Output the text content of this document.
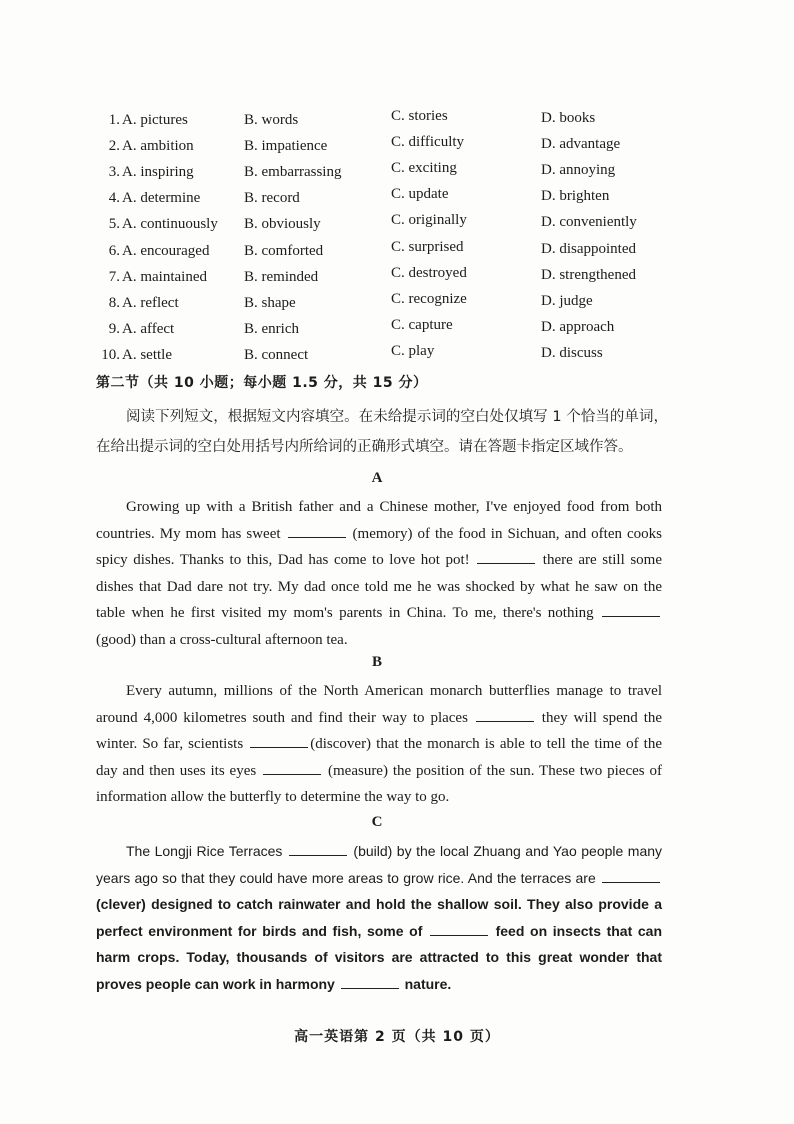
1. A. pictures	B. words	C. stories	D. books
2. A. ambition	B. impatience	C. difficulty	D. advantage
3. A. inspiring	B. embarrassing	C. exciting	D. annoying
4. A. determine	B. record	C. update	D. brighten
5. A. continuously B. obviously	C. originally	D. conveniently
6. A. encouraged B. comforted	C. surprised	D. disappointed
7. A. maintained B. reminded	C. destroyed	D. strengthened
8. A. reflect	B. shape	C. recognize	D. judge
9. A. affect	B. enrich	C. capture	D. approach
10. A. settle	B. connect	C. play	D. discuss
第二节（共 10 小题；每小题 1.5 分，共 15 分）
阅读下列短文，根据短文内容填空。在未给提示词的空白处仅填写 1 个恰当的单词，在给出提示词的空白处用括号内所给词的正确形式填空。请在答题卡指定区域作答。
A

Growing up with a British father and a Chinese mother, I've enjoyed food from both countries. My mom has sweet	(memory) of the food in Sichuan, and often cooks spicy dishes. Thanks to this, Dad has come to love hot pot!	there are still some dishes that Dad dare not try. My dad once told me he was shocked by what he saw on the table when he first visited my mom's parents in China. To me, there's nothing  (good) than a cross-cultural afternoon tea.

B

Every autumn, millions of the North American monarch butterflies manage to travel around 4,000 kilometres south and find their way to places	they will spend the winter. So far, scientists	(discover) that the monarch is able to tell the time of the day and then uses its eyes	(measure) the position of the sun. These two pieces of information allow the butterfly to determine the way to go.

C

The Longji Rice Terraces	(build) by the local Zhuang and Yao people many years ago so that they could have more areas to grow rice. And the terraces are  (clever) designed to catch rainwater and hold the shallow soil. They also provide a perfect environment for birds and fish, some of	feed on insects that can harm crops. Today, thousands of visitors are attracted to this great wonder that proves people can work in harmony	nature.

高一英语第 2 页（共 10 页）
